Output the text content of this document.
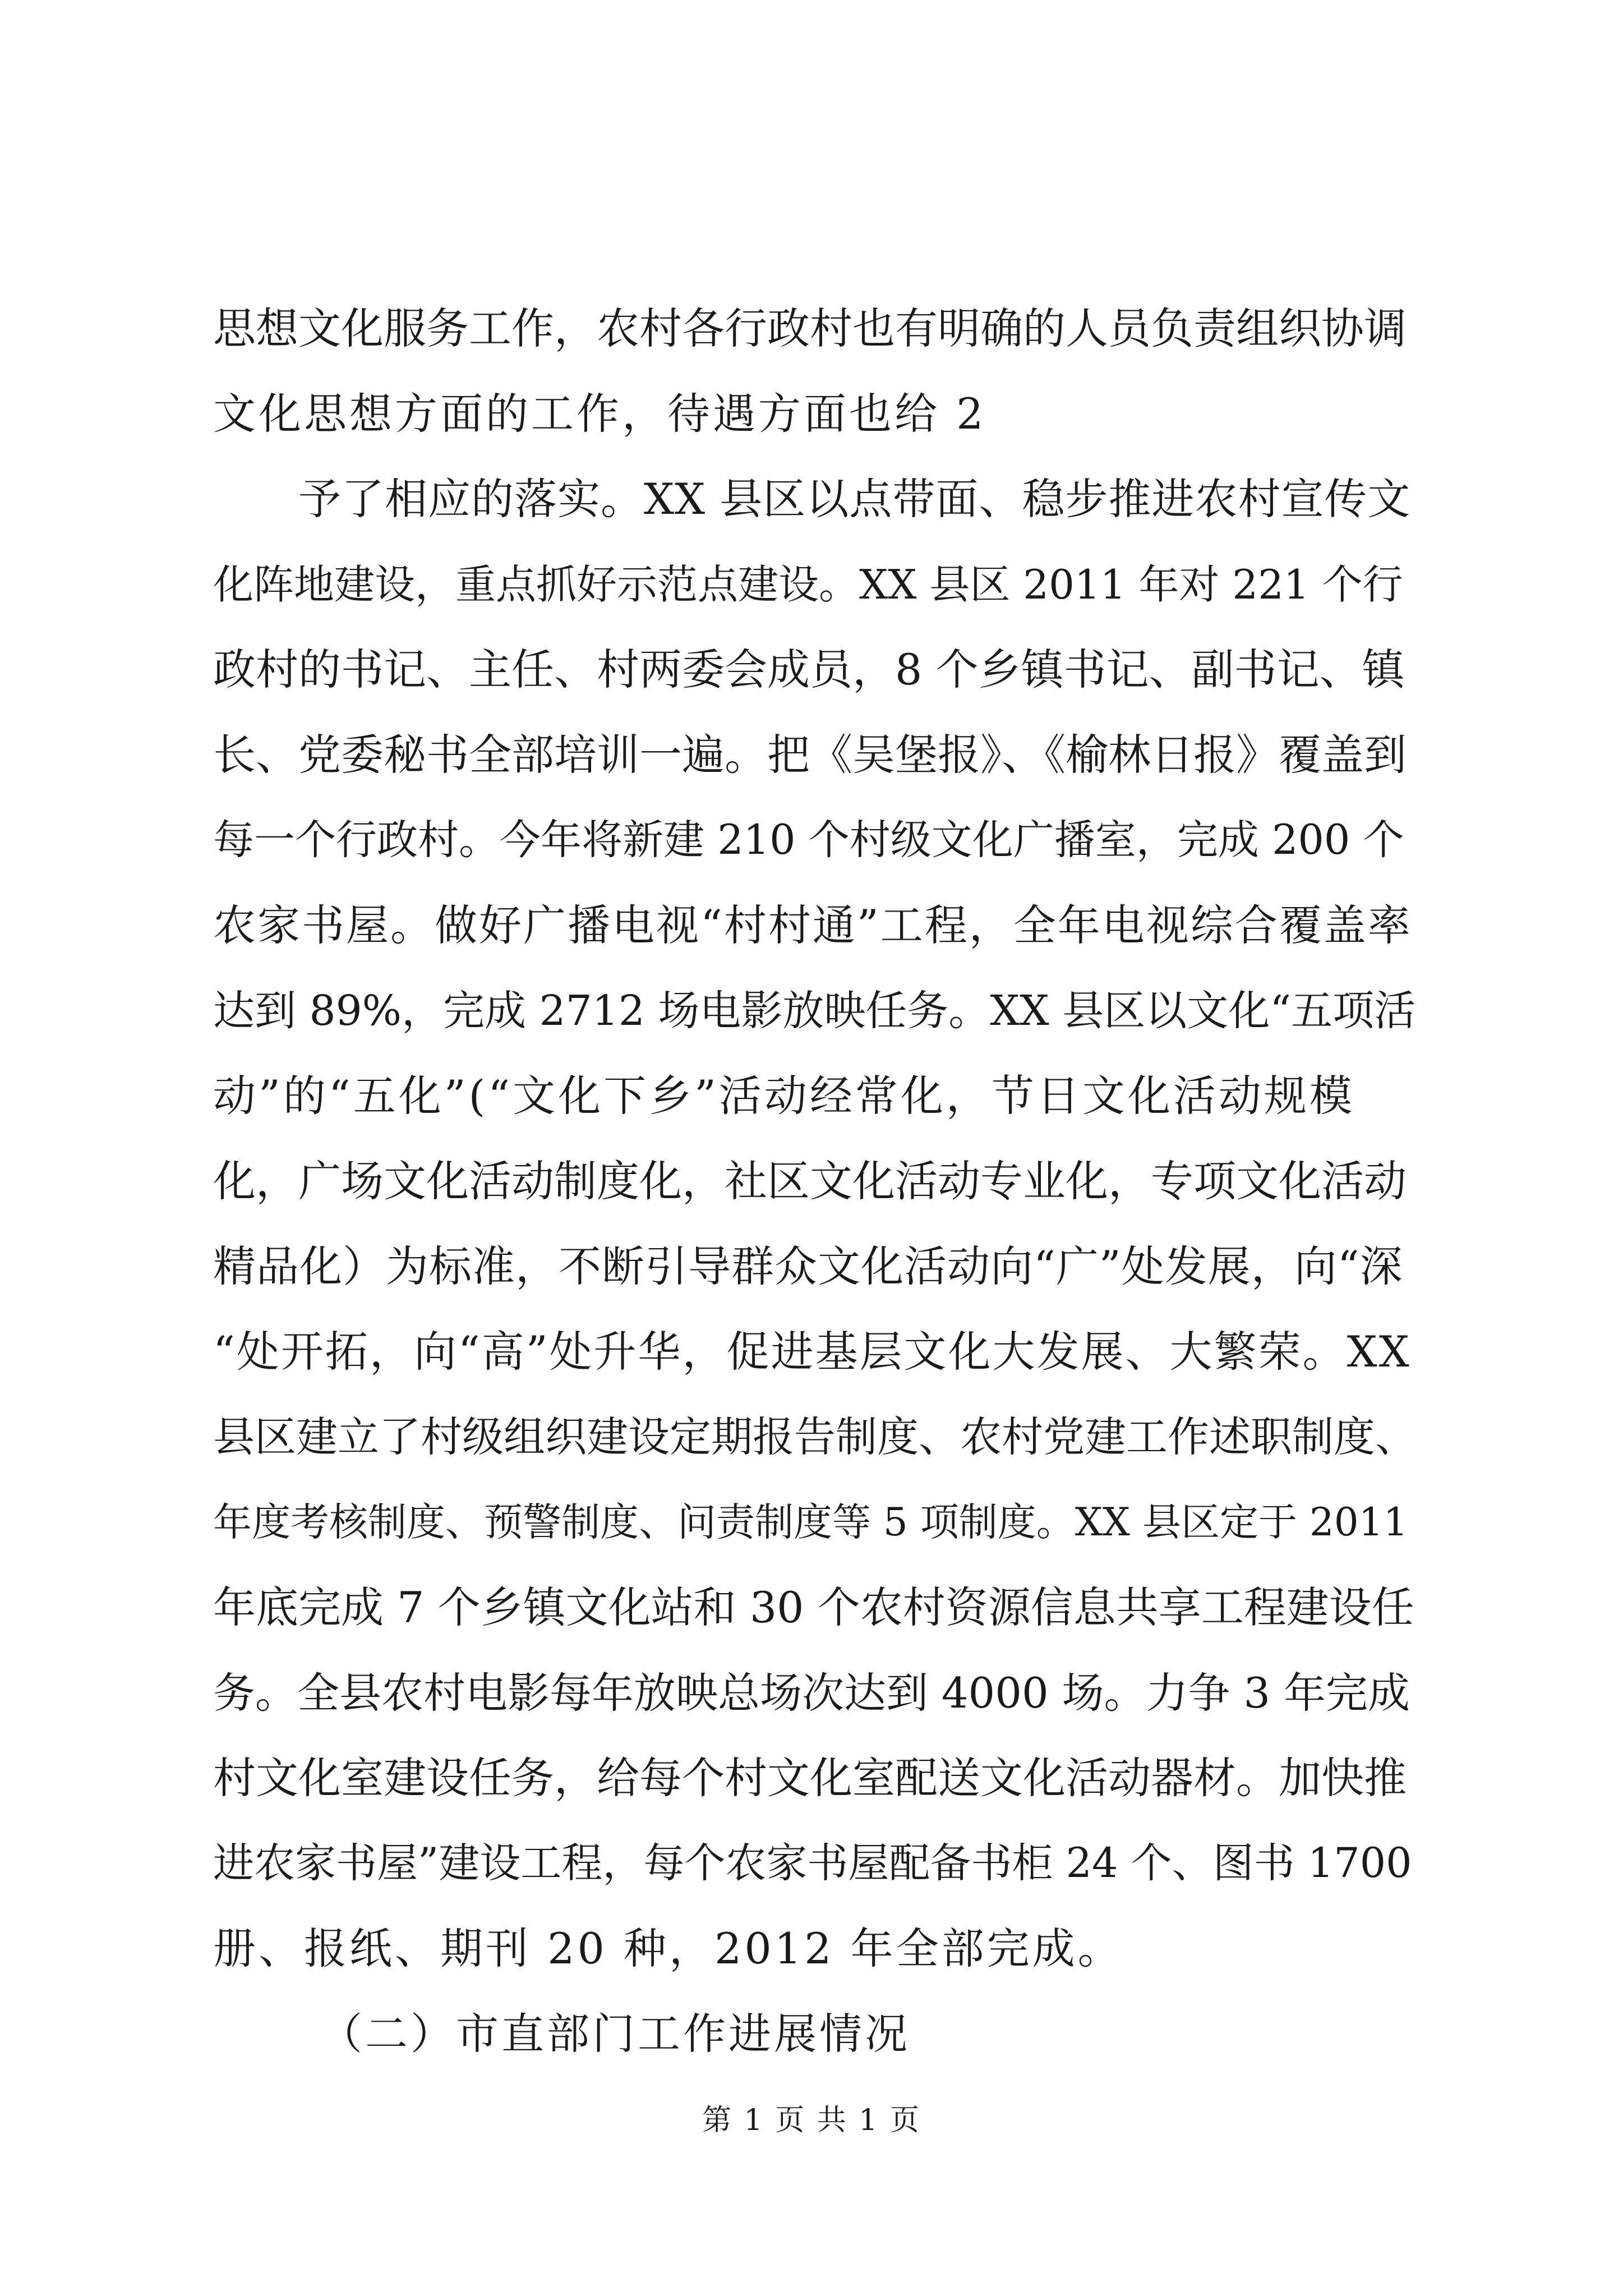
思想文化服务工作，农村各行政村也有明确的人员负责组织协调
文化思想方面的工作，待遇方面也给 2
予了相应的落实。XX 县区以点带面、稳步推进农村宣传文
化阵地建设，重点抓好示范点建设。XX 县区 2011 年对 221 个行
政村的书记、主任、村两委会成员，8 个乡镇书记、副书记、镇
长、党委秘书全部培训一遍。把《吴堡报》、《榆林日报》覆盖到
每一个行政村。今年将新建 210 个村级文化广播室，完成 200 个
农家书屋。做好广播电视“村村通”工程，全年电视综合覆盖率
达到 89%，完成 2712 场电影放映任务。XX 县区以文化“五项活
动”的“五化”(“文化下乡”活动经常化，节日文化活动规模
化，广场文化活动制度化，社区文化活动专业化，专项文化活动
精品化）为标准，不断引导群众文化活动向“广”处发展，向“深
“处开拓，向“高”处升华，促进基层文化大发展、大繁荣。XX
县区建立了村级组织建设定期报告制度、农村党建工作述职制度、
年度考核制度、预警制度、问责制度等 5 项制度。XX 县区定于 2011
年底完成 7 个乡镇文化站和 30 个农村资源信息共享工程建设任
务。全县农村电影每年放映总场次达到 4000 场。力争 3 年完成
村文化室建设任务，给每个村文化室配送文化活动器材。加快推
进农家书屋”建设工程，每个农家书屋配备书柜 24 个、图书 1700
册、报纸、期刊 20 种，2012 年全部完成。
（二）市直部门工作进展情况
第 1 页 共 1 页
